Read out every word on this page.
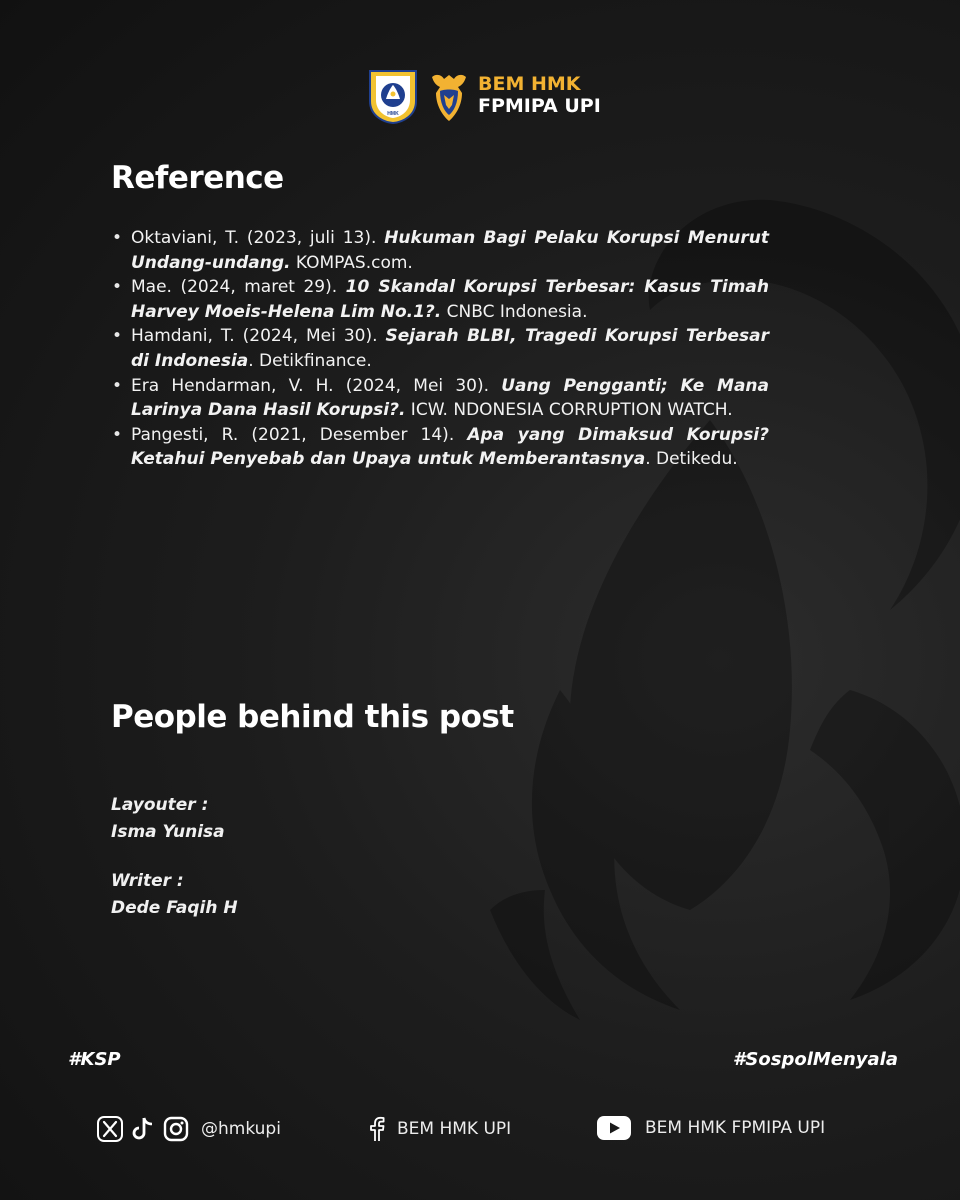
HMK
BEM HMK
FPMIPA UPI
Reference
• Oktaviani, T. (2023, juli 13). Hukuman Bagi Pelaku Korupsi Menurut Undang-undang. KOMPAS.com.
• Mae. (2024, maret 29). 10 Skandal Korupsi Terbesar: Kasus Timah Harvey Moeis-Helena Lim No.1?. CNBC Indonesia.
• Hamdani, T. (2024, Mei 30). Sejarah BLBI, Tragedi Korupsi Terbesar di Indonesia. Detikfinance.
• Era Hendarman, V. H. (2024, Mei 30). Uang Pengganti; Ke Mana Larinya Dana Hasil Korupsi?. ICW. NDONESIA CORRUPTION WATCH.
• Pangesti, R. (2021, Desember 14). Apa yang Dimaksud Korupsi? Ketahui Penyebab dan Upaya untuk Memberantasnya. Detikedu.
People behind this post
Layouter :
Isma Yunisa
Writer :
Dede Faqih H
#KSP	#SospolMenyala
@hmkupi	BEM HMK UPI	BEM HMK FPMIPA UPI
